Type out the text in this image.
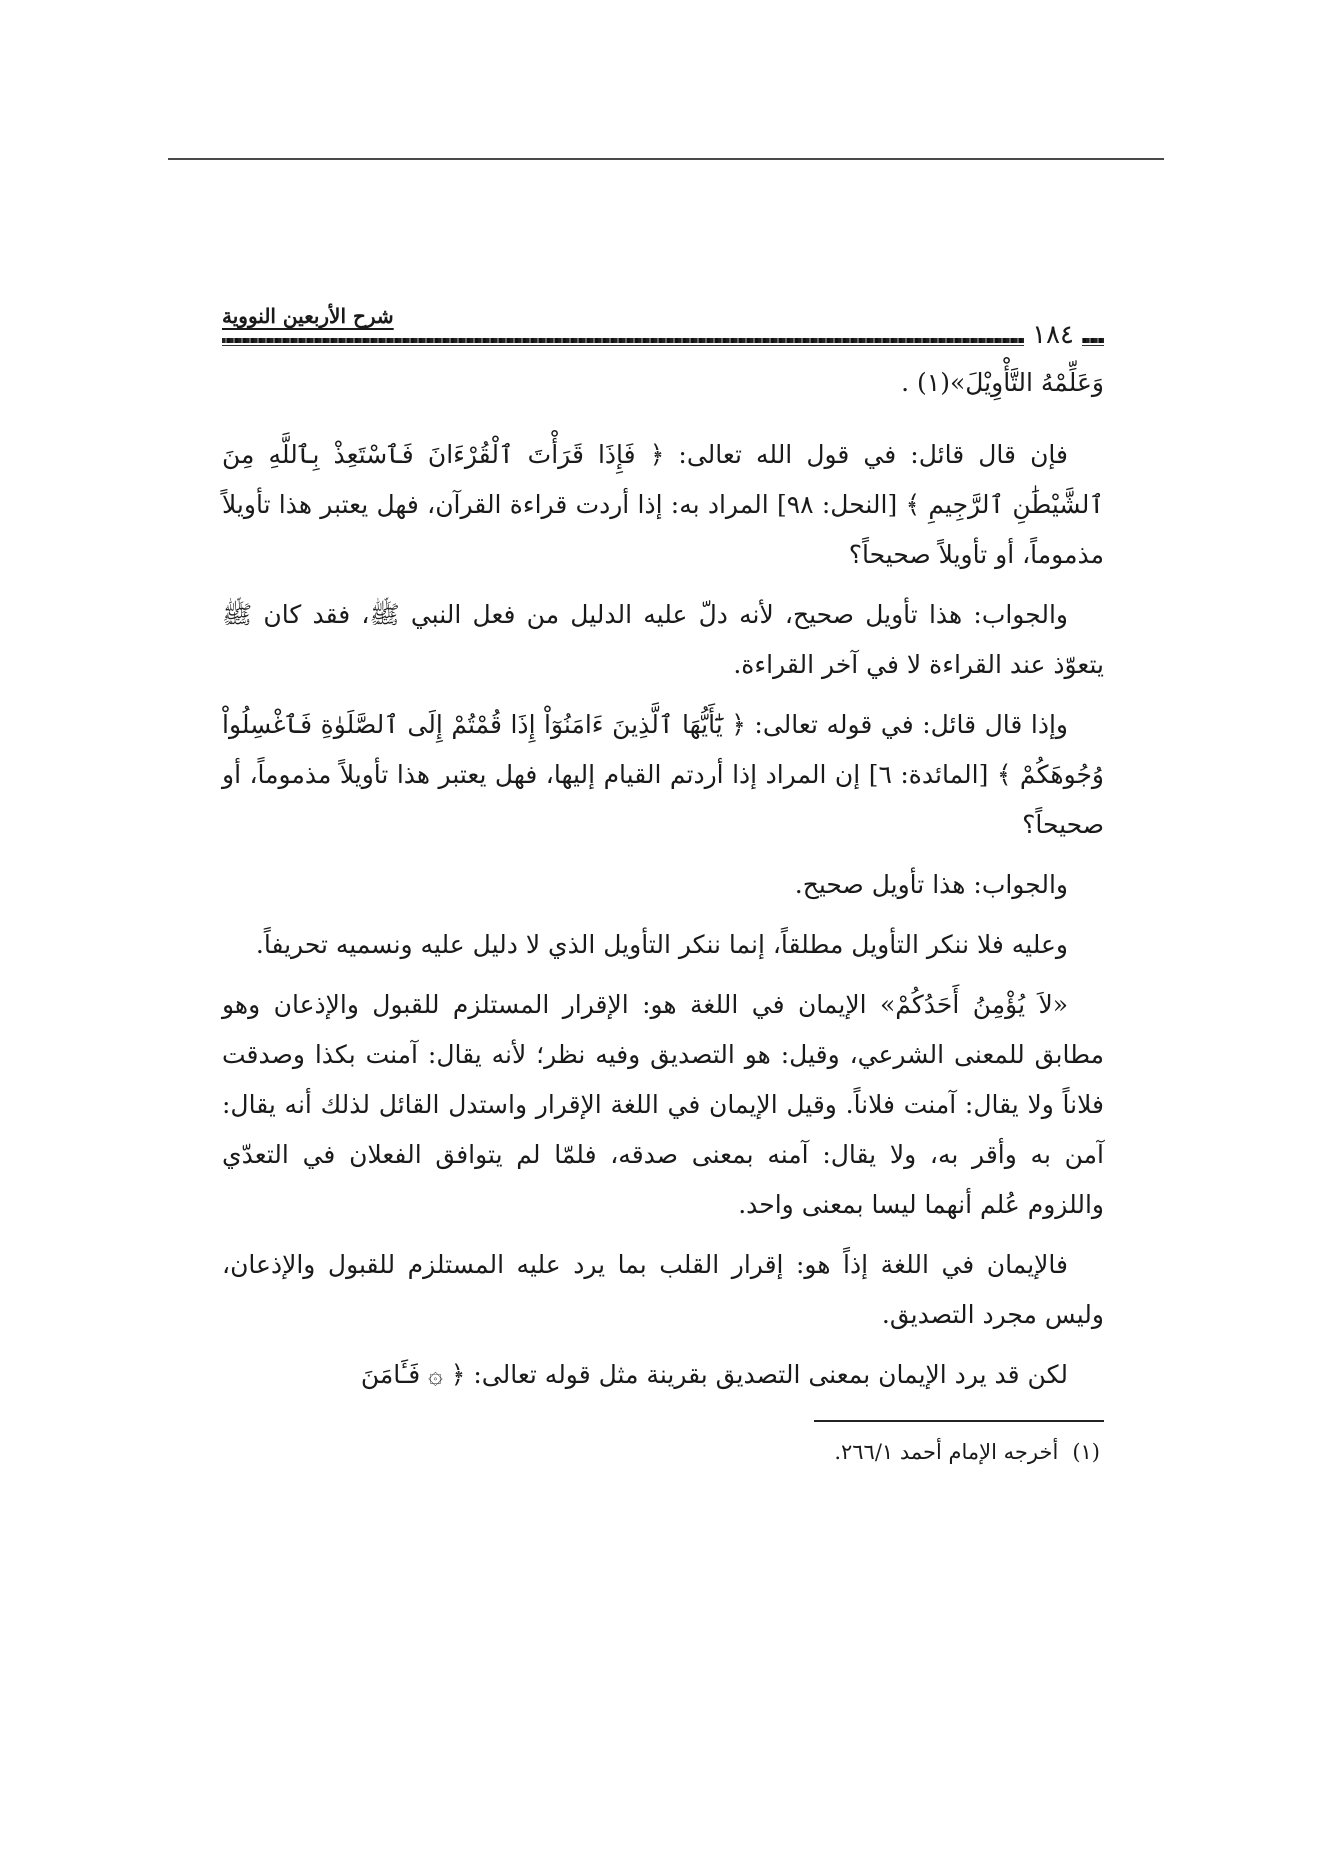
شرح الأربعين النووية
١٨٤

وَعَلِّمْهُ التَّأْوِيْلَ»(١) .

فإن قال قائل: في قول الله تعالى: ﴿ فَإِذَا قَرَأْتَ ٱلْقُرْءَانَ فَٱسْتَعِذْ بِٱللَّهِ مِنَ ٱلشَّيْطَٰنِ ٱلرَّجِيمِ ﴾ [النحل: ٩٨] المراد به: إذا أردت قراءة القرآن، فهل يعتبر هذا تأويلاً مذموماً، أو تأويلاً صحيحاً؟

والجواب: هذا تأويل صحيح، لأنه دلّ عليه الدليل من فعل النبي ﷺ، فقد كان ﷺ يتعوّذ عند القراءة لا في آخر القراءة.

وإذا قال قائل: في قوله تعالى: ﴿ يَٰٓأَيُّهَا ٱلَّذِينَ ءَامَنُوٓاْ إِذَا قُمْتُمْ إِلَى ٱلصَّلَوٰةِ فَٱغْسِلُواْ وُجُوهَكُمْ ﴾ [المائدة: ٦] إن المراد إذا أردتم القيام إليها، فهل يعتبر هذا تأويلاً مذموماً، أو صحيحاً؟

والجواب: هذا تأويل صحيح.

وعليه فلا ننكر التأويل مطلقاً، إنما ننكر التأويل الذي لا دليل عليه ونسميه تحريفاً.

«لاَ يُؤْمِنُ أَحَدُكُمْ» الإيمان في اللغة هو: الإقرار المستلزم للقبول والإذعان وهو مطابق للمعنى الشرعي، وقيل: هو التصديق وفيه نظر؛ لأنه يقال: آمنت بكذا وصدقت فلاناً ولا يقال: آمنت فلاناً. وقيل الإيمان في اللغة الإقرار واستدل القائل لذلك أنه يقال: آمن به وأقر به، ولا يقال: آمنه بمعنى صدقه، فلمّا لم يتوافق الفعلان في التعدّي واللزوم عُلم أنهما ليسا بمعنى واحد.

فالإيمان في اللغة إذاً هو: إقرار القلب بما يرد عليه المستلزم للقبول والإذعان، وليس مجرد التصديق.

لكن قد يرد الإيمان بمعنى التصديق بقرينة مثل قوله تعالى: ﴿ ۞ فَـَٔامَنَ

(١)أخرجه الإمام أحمد ٢٦٦/١.
